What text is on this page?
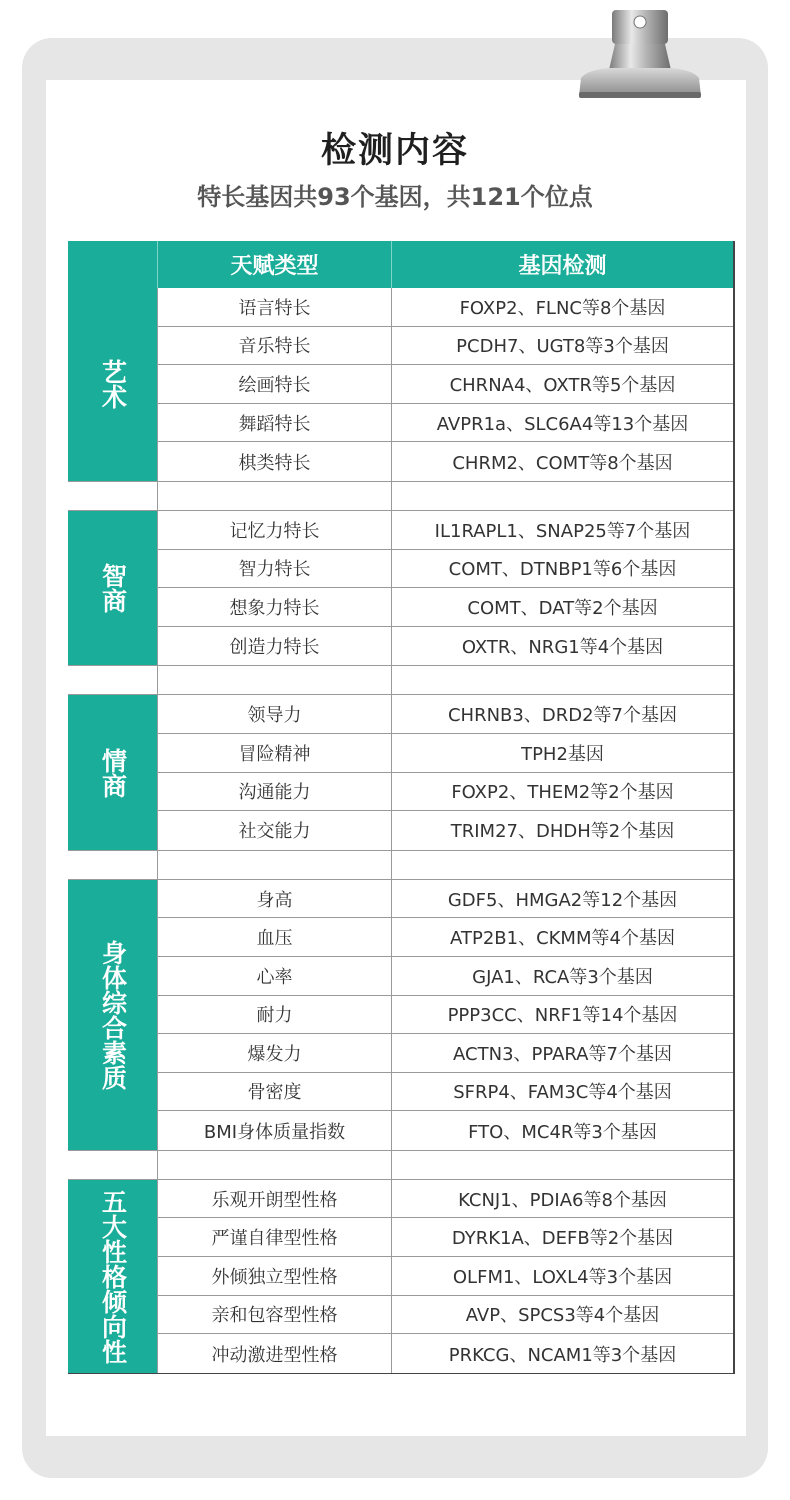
检测内容
特长基因共93个基因，共121个位点
天赋类型	基因检测
艺术
语言特长	FOXP2、FLNC等8个基因
音乐特长	PCDH7、UGT8等3个基因
绘画特长	CHRNA4、OXTR等5个基因
舞蹈特长	AVPR1a、SLC6A4等13个基因
棋类特长	CHRM2、COMT等8个基因
智商
记忆力特长	IL1RAPL1、SNAP25等7个基因
智力特长	COMT、DTNBP1等6个基因
想象力特长	COMT、DAT等2个基因
创造力特长	OXTR、NRG1等4个基因
情商
领导力	CHRNB3、DRD2等7个基因
冒险精神	TPH2基因
沟通能力	FOXP2、THEM2等2个基因
社交能力	TRIM27、DHDH等2个基因
身体综合素质
身高	GDF5、HMGA2等12个基因
血压	ATP2B1、CKMM等4个基因
心率	GJA1、RCA等3个基因
耐力	PPP3CC、NRF1等14个基因
爆发力	ACTN3、PPARA等7个基因
骨密度	SFRP4、FAM3C等4个基因
BMI身体质量指数	FTO、MC4R等3个基因
五大性格倾向性	乐观开朗型性格	KCNJ1、PDIA6等8个基因
严谨自律型性格	DYRK1A、DEFB等2个基因
外倾独立型性格	OLFM1、LOXL4等3个基因
亲和包容型性格	AVP、SPCS3等4个基因
冲动激进型性格	PRKCG、NCAM1等3个基因
